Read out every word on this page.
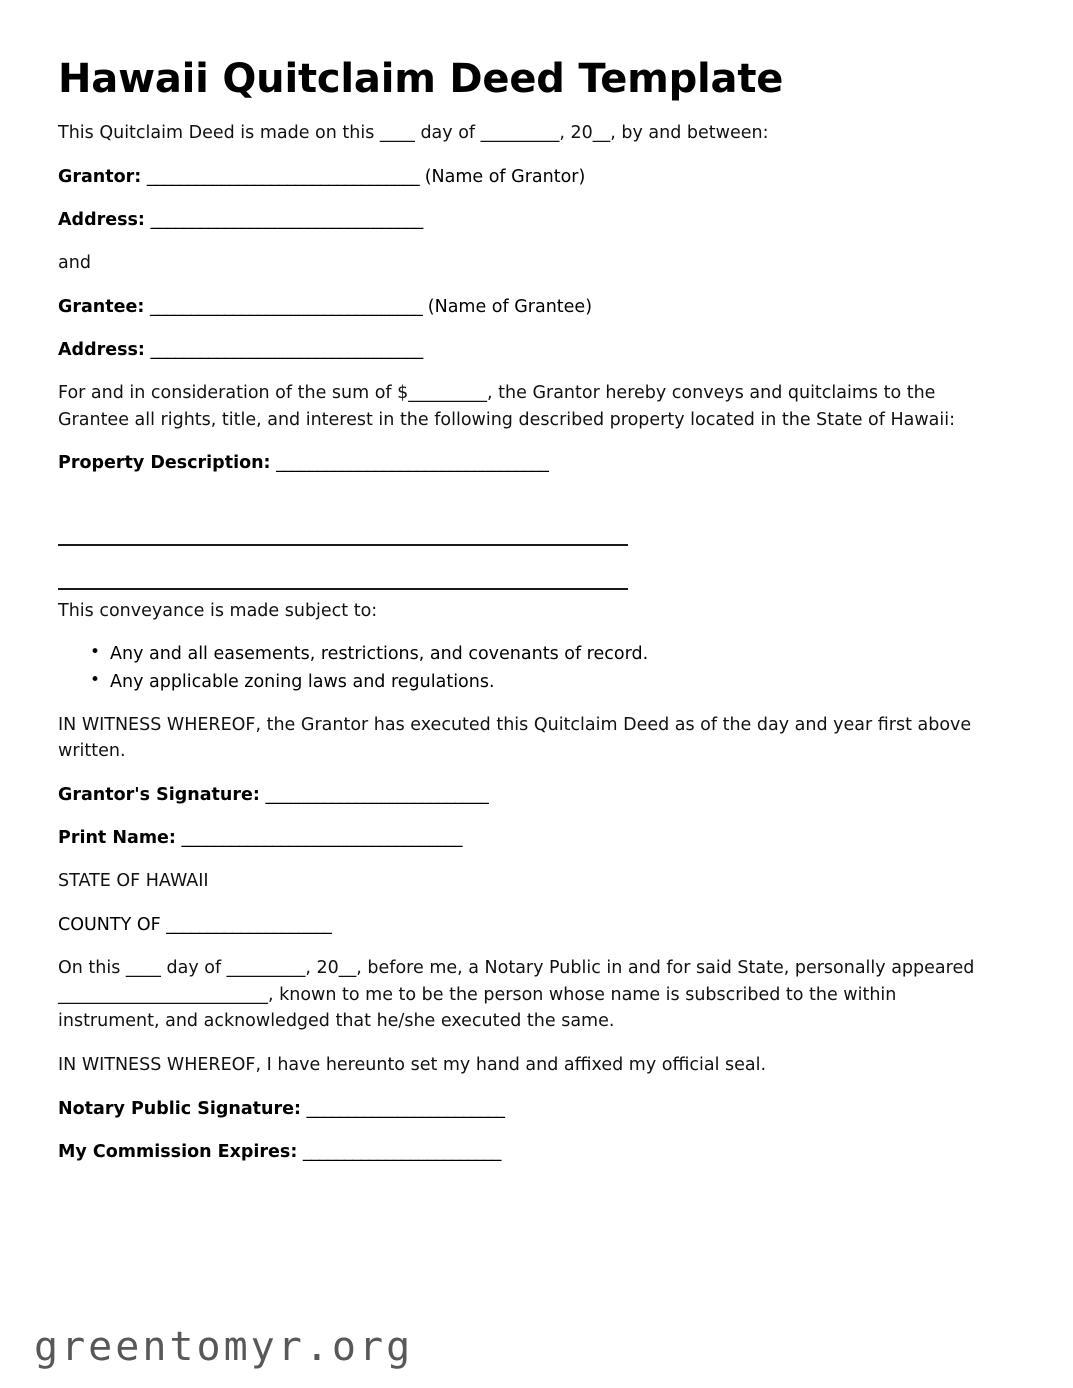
Hawaii Quitclaim Deed Template

This Quitclaim Deed is made on this ____ day of _________, 20__, by and between:

Grantor: _________________________________ (Name of Grantor)
Address: _________________________________

and

Grantee: _________________________________ (Name of Grantee)
Address: _________________________________

For and in consideration of the sum of $_________, the Grantor hereby conveys and quitclaims to the Grantee all rights, title, and interest in the following described property located in the State of Hawaii:

Property Description: _________________________________

This conveyance is made subject to:

• Any and all easements, restrictions, and covenants of record.
• Any applicable zoning laws and regulations.

IN WITNESS WHEREOF, the Grantor has executed this Quitclaim Deed as of the day and year first above written.

Grantor's Signature: ___________________________
Print Name: __________________________________

STATE OF HAWAII

COUNTY OF ____________________

On this ____ day of _________, 20__, before me, a Notary Public in and for said State, personally appeared ________________________, known to me to be the person whose name is subscribed to the within instrument, and acknowledged that he/she executed the same.

IN WITNESS WHEREOF, I have hereunto set my hand and affixed my official seal.

Notary Public Signature: ________________________
My Commission Expires: ________________________
greentomyr.org
